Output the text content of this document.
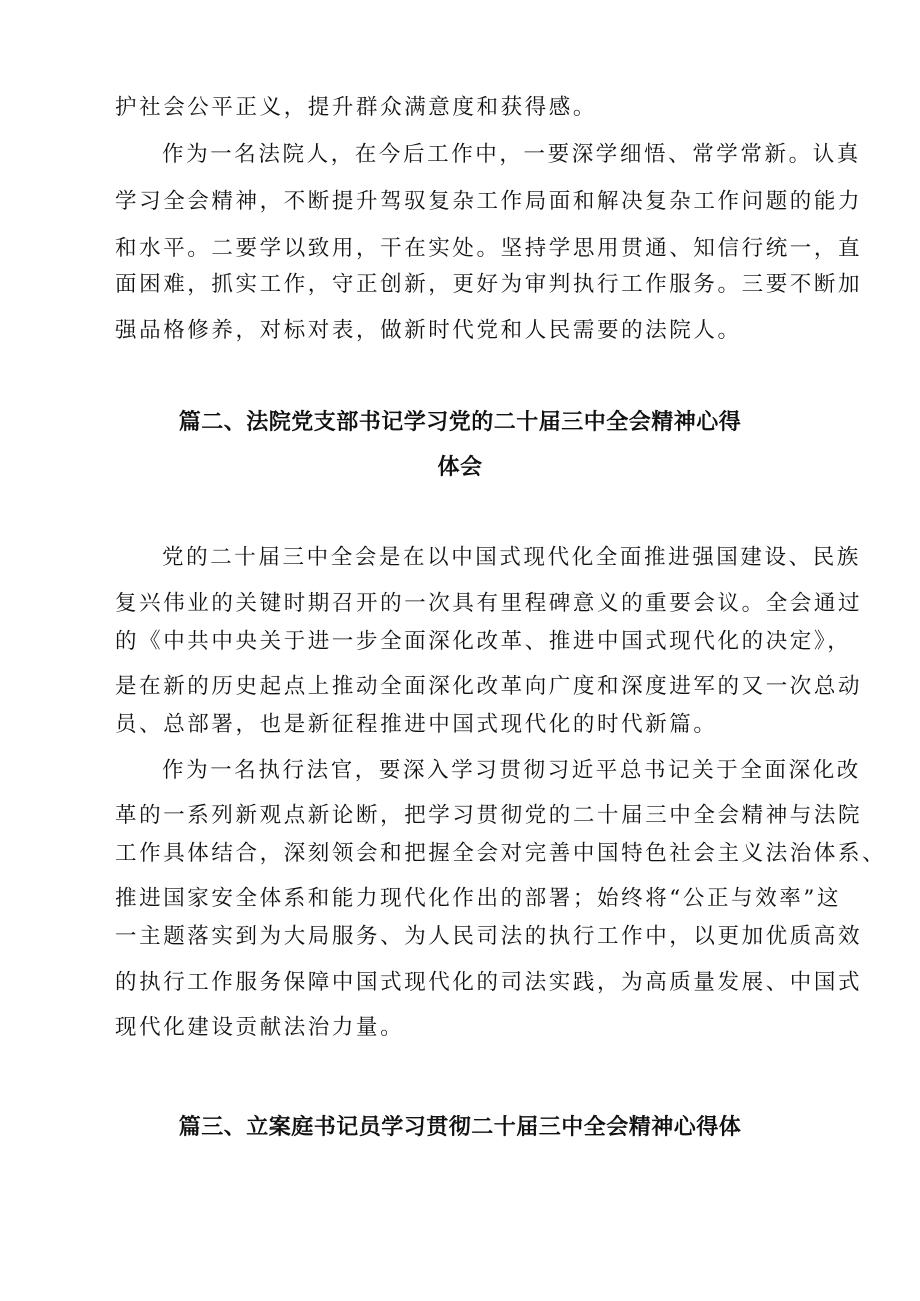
护社会公平正义，提升群众满意度和获得感。
作为一名法院人，在今后工作中，一要深学细悟、常学常新。认真
学习全会精神，不断提升驾驭复杂工作局面和解决复杂工作问题的能力
和水平。二要学以致用，干在实处。坚持学思用贯通、知信行统一，直
面困难，抓实工作，守正创新，更好为审判执行工作服务。三要不断加
强品格修养，对标对表，做新时代党和人民需要的法院人。
篇二、法院党支部书记学习党的二十届三中全会精神心得
体会
党的二十届三中全会是在以中国式现代化全面推进强国建设、民族
复兴伟业的关键时期召开的一次具有里程碑意义的重要会议。全会通过
的《中共中央关于进一步全面深化改革、推进中国式现代化的决定》，
是在新的历史起点上推动全面深化改革向广度和深度进军的又一次总动
员、总部署，也是新征程推进中国式现代化的时代新篇。
作为一名执行法官，要深入学习贯彻习近平总书记关于全面深化改
革的一系列新观点新论断，把学习贯彻党的二十届三中全会精神与法院
工作具体结合，深刻领会和把握全会对完善中国特色社会主义法治体系、
推进国家安全体系和能力现代化作出的部署；始终将“公正与效率”这
一主题落实到为大局服务、为人民司法的执行工作中，以更加优质高效
的执行工作服务保障中国式现代化的司法实践，为高质量发展、中国式
现代化建设贡献法治力量。
篇三、立案庭书记员学习贯彻二十届三中全会精神心得体
